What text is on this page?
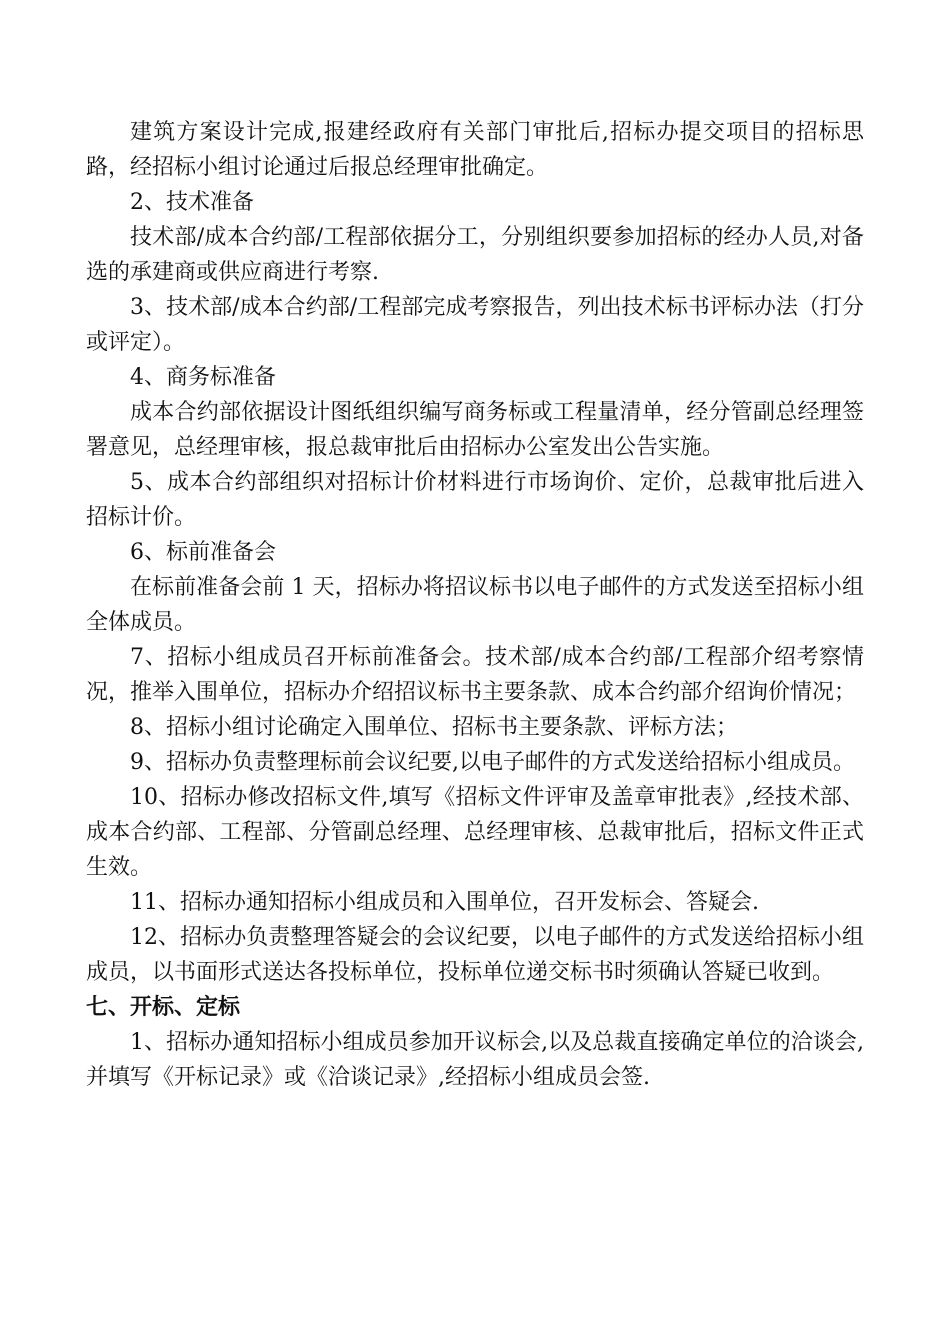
建筑方案设计完成,报建经政府有关部门审批后,招标办提交项目的招标思路，经招标小组讨论通过后报总经理审批确定。

2、技术准备

技术部/成本合约部/工程部依据分工，分别组织要参加招标的经办人员,对备选的承建商或供应商进行考察.

3、技术部/成本合约部/工程部完成考察报告，列出技术标书评标办法（打分或评定）。

4、商务标准备

成本合约部依据设计图纸组织编写商务标或工程量清单，经分管副总经理签署意见，总经理审核，报总裁审批后由招标办公室发出公告实施。

5、成本合约部组织对招标计价材料进行市场询价、定价，总裁审批后进入招标计价。

6、标前准备会

在标前准备会前 1 天，招标办将招议标书以电子邮件的方式发送至招标小组全体成员。

7、招标小组成员召开标前准备会。技术部/成本合约部/工程部介绍考察情况，推举入围单位，招标办介绍招议标书主要条款、成本合约部介绍询价情况；

8、招标小组讨论确定入围单位、招标书主要条款、评标方法；

9、招标办负责整理标前会议纪要,以电子邮件的方式发送给招标小组成员。

10、招标办修改招标文件,填写《招标文件评审及盖章审批表》,经技术部、成本合约部、工程部、分管副总经理、总经理审核、总裁审批后，招标文件正式生效。

11、招标办通知招标小组成员和入围单位，召开发标会、答疑会.

12、招标办负责整理答疑会的会议纪要，以电子邮件的方式发送给招标小组成员，以书面形式送达各投标单位，投标单位递交标书时须确认答疑已收到。

七、开标、定标

1、招标办通知招标小组成员参加开议标会,以及总裁直接确定单位的洽谈会,并填写《开标记录》或《洽谈记录》,经招标小组成员会签.
